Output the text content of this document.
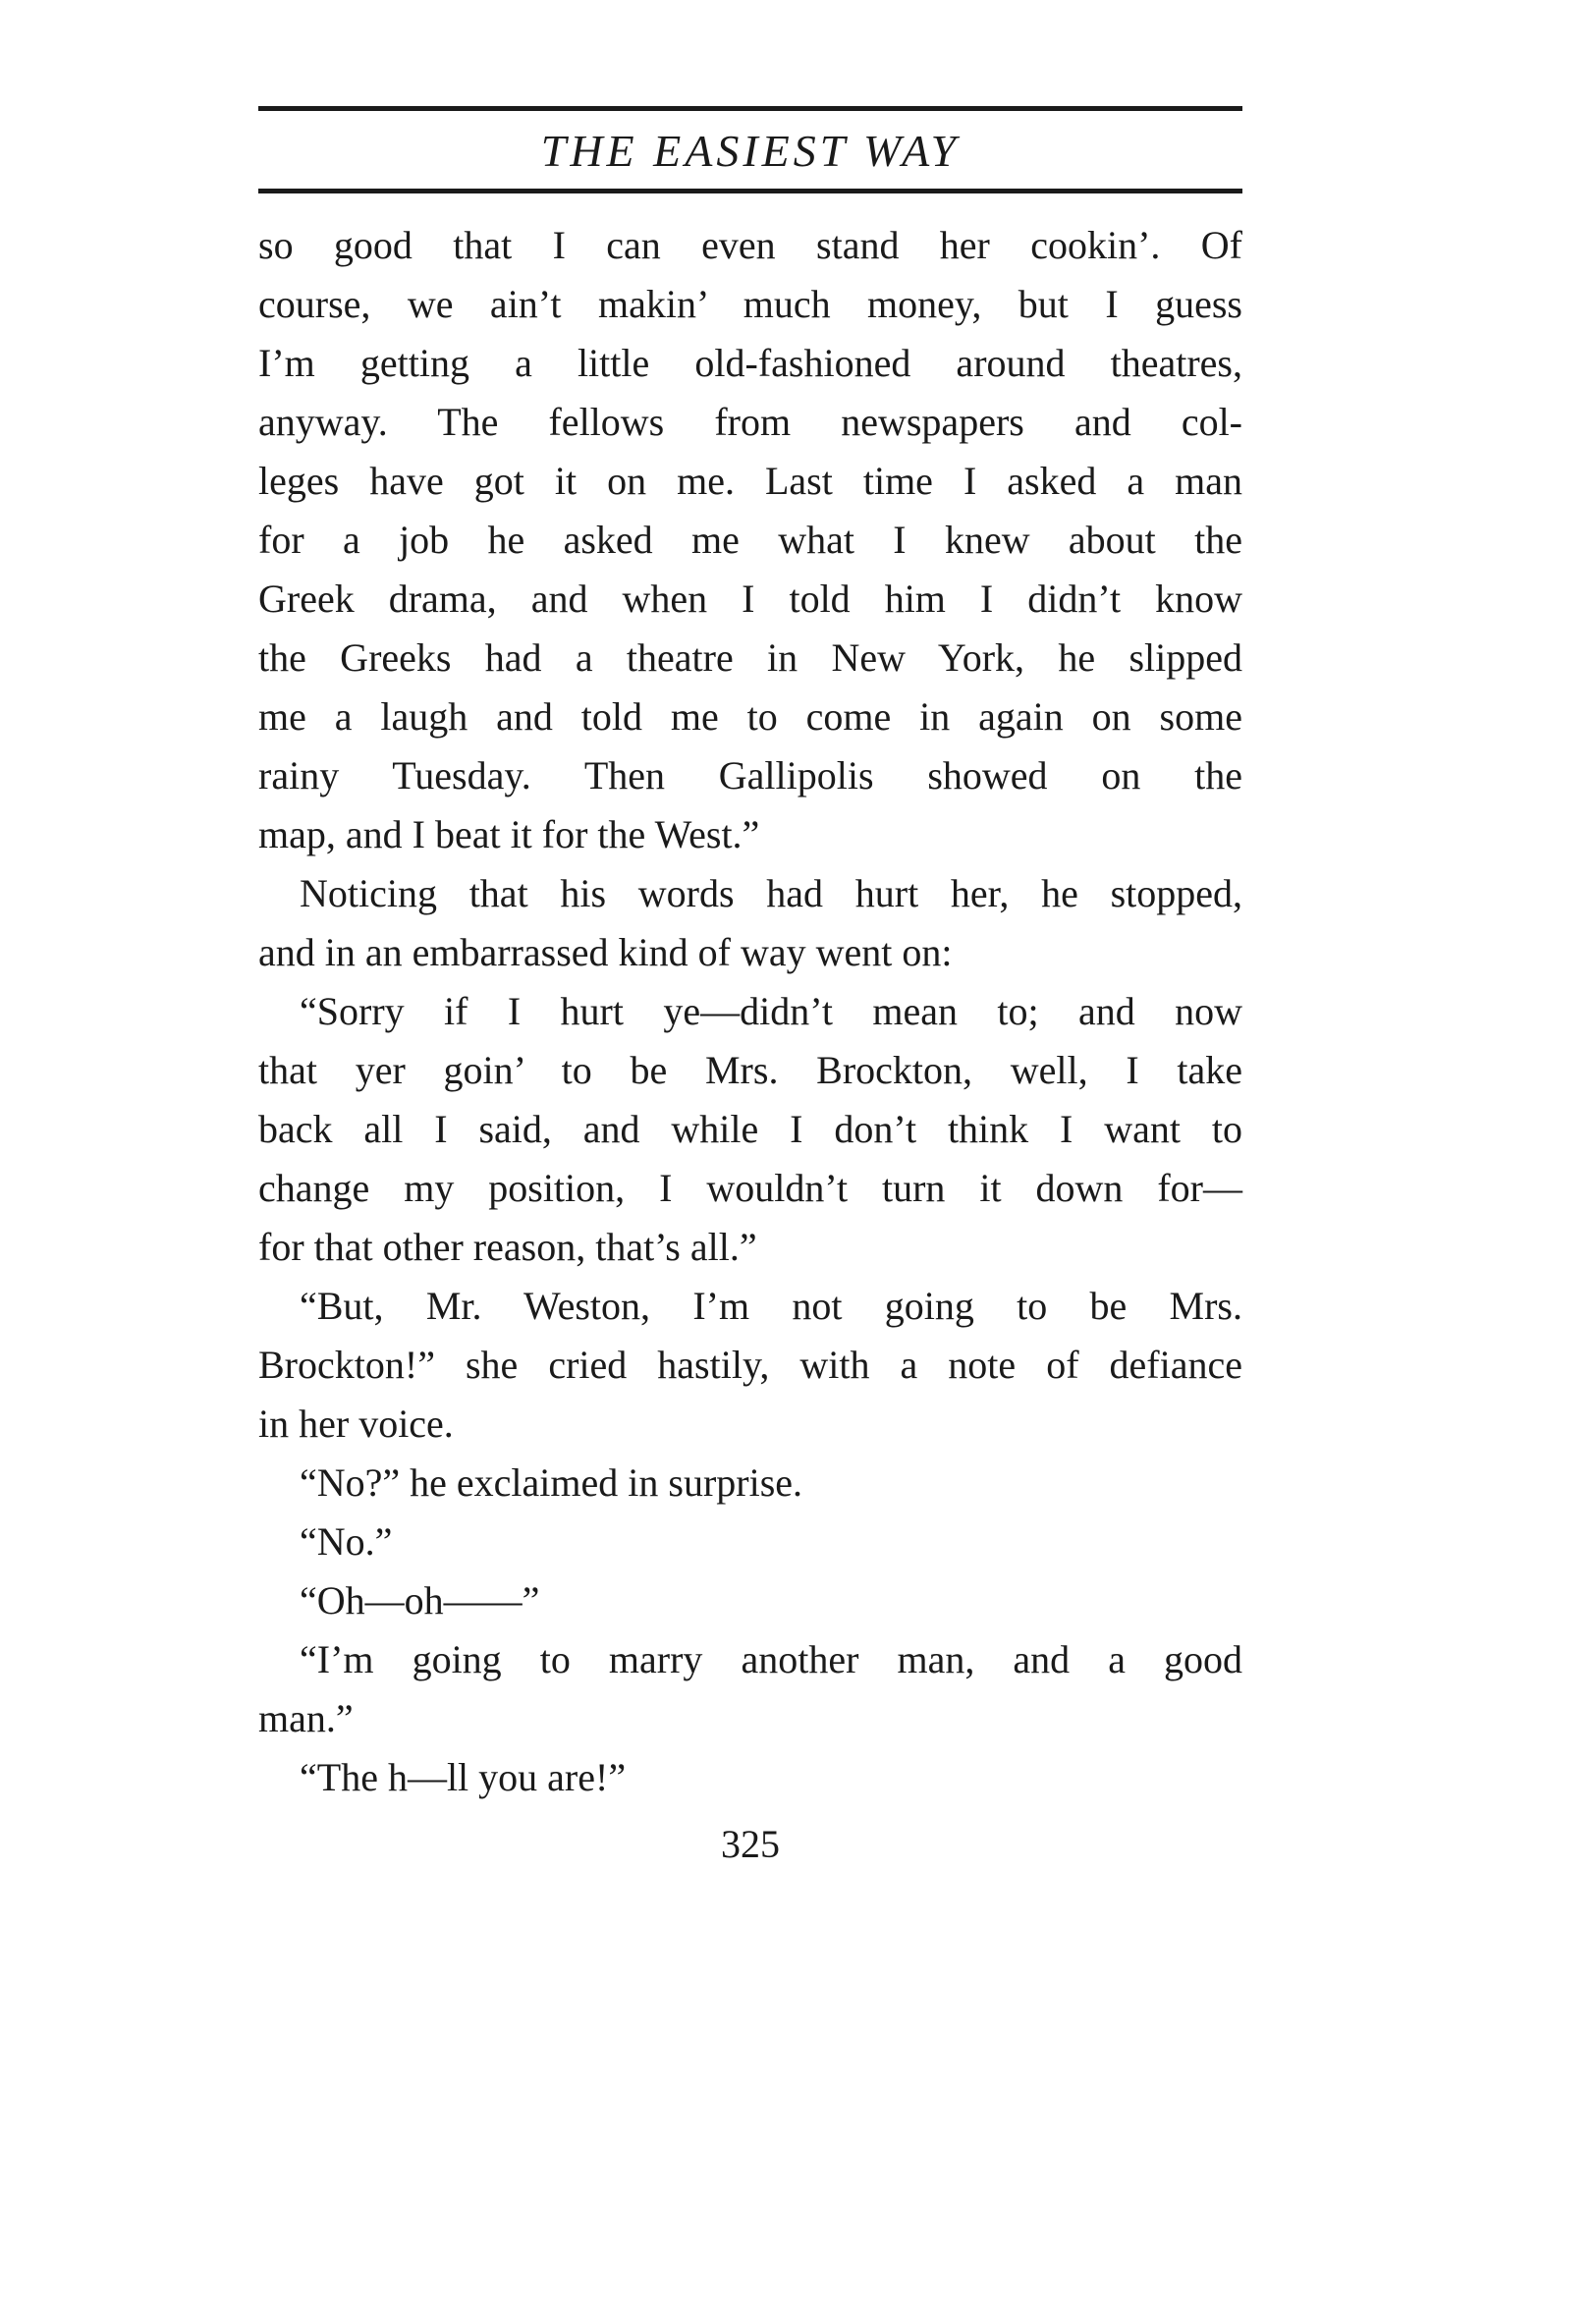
THE EASIEST WAY
so good that I can even stand her cookin’. Of
course, we ain’t makin’ much money, but I guess
I’m getting a little old-fashioned around theatres,
anyway. The fellows from newspapers and col-
leges have got it on me. Last time I asked a man
for a job he asked me what I knew about the
Greek drama, and when I told him I didn’t know
the Greeks had a theatre in New York, he slipped
me a laugh and told me to come in again on some
rainy Tuesday. Then Gallipolis showed on the
map, and I beat it for the West.”
Noticing that his words had hurt her, he stopped,
and in an embarrassed kind of way went on:
“Sorry if I hurt ye—didn’t mean to; and now
that yer goin’ to be Mrs. Brockton, well, I take
back all I said, and while I don’t think I want to
change my position, I wouldn’t turn it down for—
for that other reason, that’s all.”
“But, Mr. Weston, I’m not going to be Mrs.
Brockton!” she cried hastily, with a note of defiance
in her voice.
“No?” he exclaimed in surprise.
“No.”
“Oh—oh——”
“I’m going to marry another man, and a good
man.”
“The h—ll you are!”
325
